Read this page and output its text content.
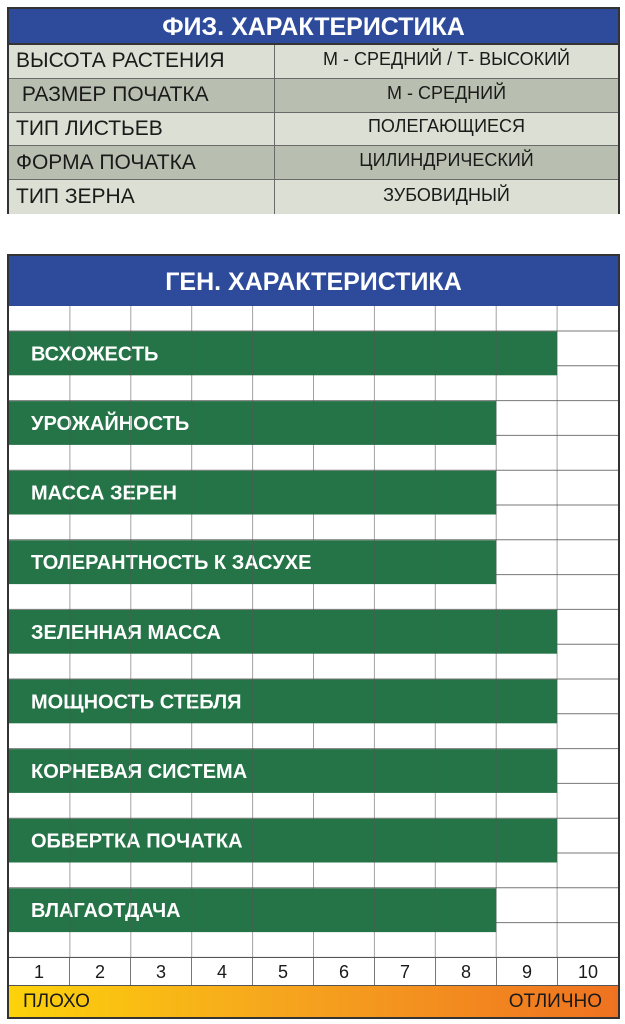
ФИЗ. ХАРАКТЕРИСТИКА
ВЫСОТА РАСТЕНИЯ	М - СРЕДНИЙ / Т- ВЫСОКИЙ
РАЗМЕР ПОЧАТКА	М - СРЕДНИЙ
ТИП ЛИСТЬЕВ	ПОЛЕГАЮЩИЕСЯ
ФОРМА ПОЧАТКА	ЦИЛИНДРИЧЕСКИЙ
ТИП ЗЕРНА	ЗУБОВИДНЫЙ
ВСХОЖЕСТЬ
УРОЖАЙНОСТЬ
МАССА ЗЕРЕН
ТОЛЕРАНТНОСТЬ К ЗАСУХЕ
ЗЕЛЕННАЯ МАССА
МОЩНОСТЬ СТЕБЛЯ
КОРНЕВАЯ СИСТЕМА
ОБВЕРТКА ПОЧАТКА
ВЛАГАОТДАЧА
ГЕН. ХАРАКТЕРИСТИКА
1	2	3	4	5	6	7	8	9	10
ПЛОХО	ОТЛИЧНО
